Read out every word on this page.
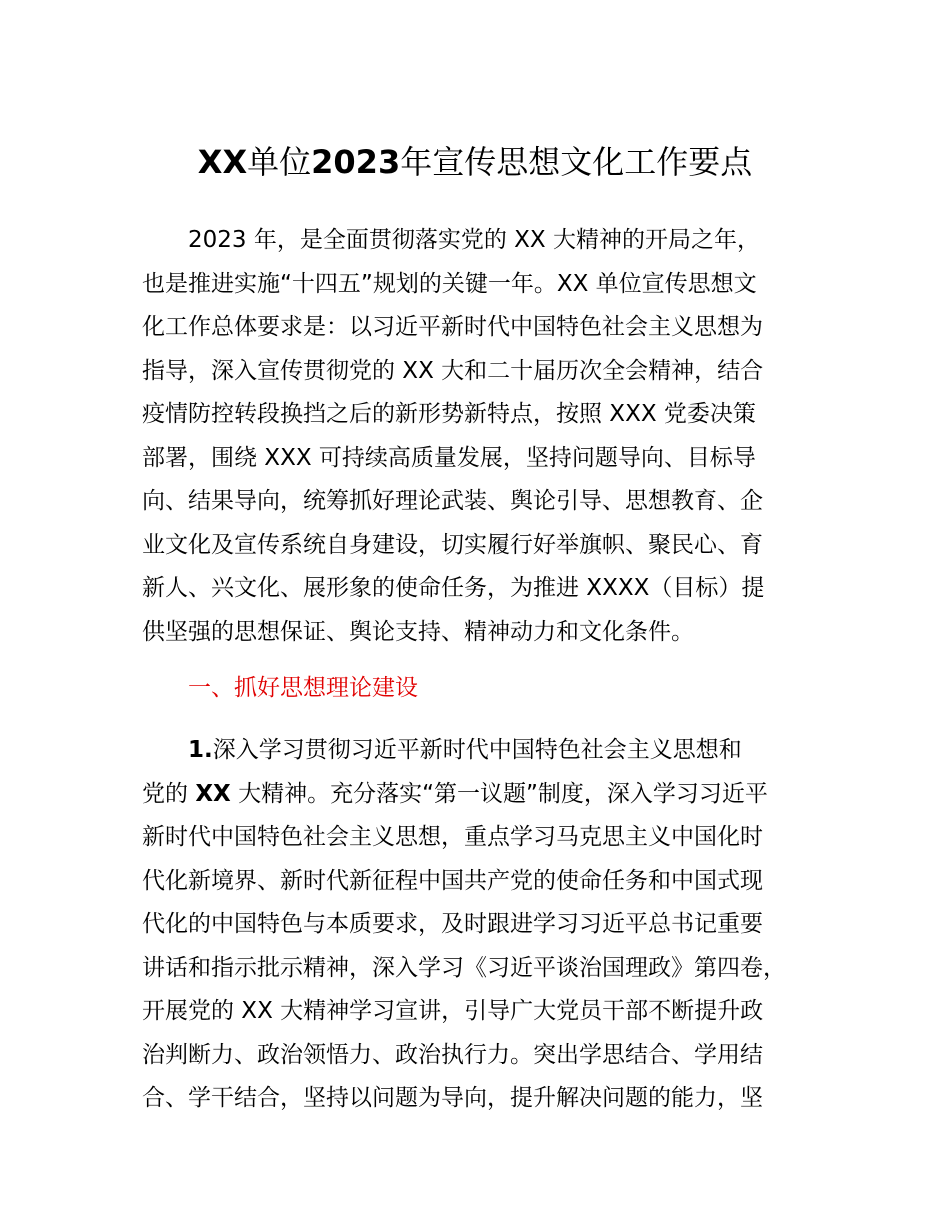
XX单位2023年宣传思想文化工作要点
2023 年，是全面贯彻落实党的 XX 大精神的开局之年，
也是推进实施“十四五”规划的关键一年。XX 单位宣传思想文
化工作总体要求是：以习近平新时代中国特色社会主义思想为
指导，深入宣传贯彻党的 XX 大和二十届历次全会精神，结合
疫情防控转段换挡之后的新形势新特点，按照 XXX 党委决策
部署，围绕 XXX 可持续高质量发展，坚持问题导向、目标导
向、结果导向，统筹抓好理论武装、舆论引导、思想教育、企
业文化及宣传系统自身建设，切实履行好举旗帜、聚民心、育
新人、兴文化、展形象的使命任务，为推进 XXXX（目标）提
供坚强的思想保证、舆论支持、精神动力和文化条件。
一、抓好思想理论建设
1.深入学习贯彻习近平新时代中国特色社会主义思想和
党的 XX 大精神。充分落实“第一议题”制度，深入学习习近平
新时代中国特色社会主义思想，重点学习马克思主义中国化时
代化新境界、新时代新征程中国共产党的使命任务和中国式现
代化的中国特色与本质要求，及时跟进学习习近平总书记重要
讲话和指示批示精神，深入学习《习近平谈治国理政》第四卷，
开展党的 XX 大精神学习宣讲，引导广大党员干部不断提升政
治判断力、政治领悟力、政治执行力。突出学思结合、学用结
合、学干结合，坚持以问题为导向，提升解决问题的能力，坚
